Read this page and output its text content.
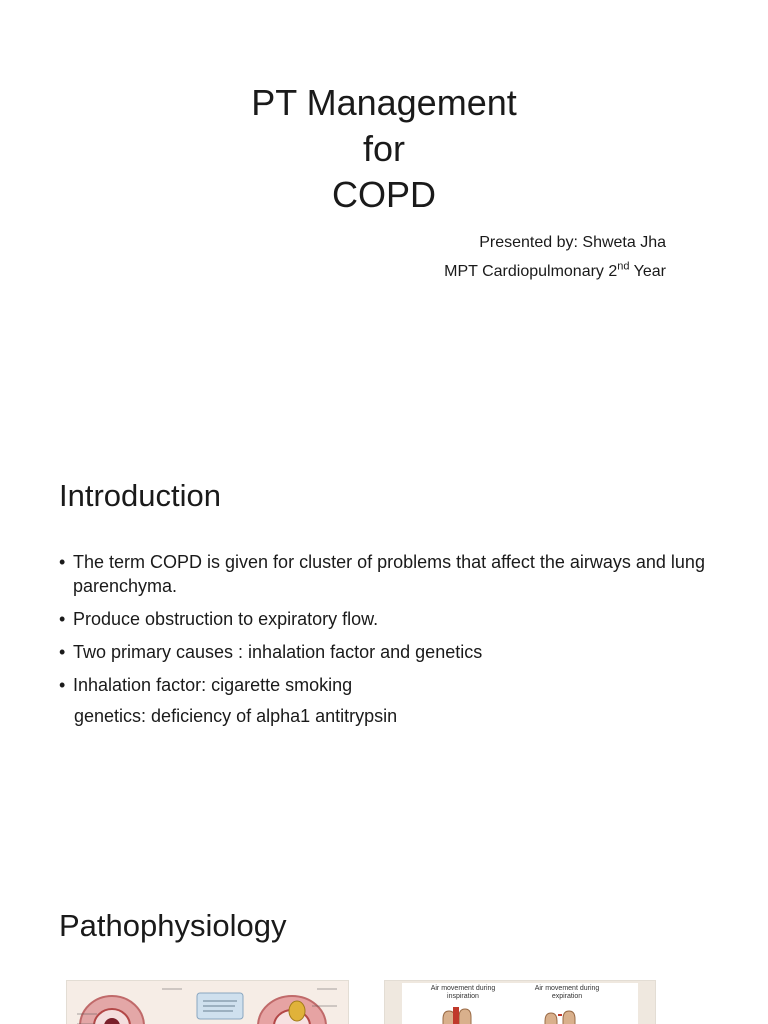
PT Management
for
COPD
Presented by: Shweta Jha
MPT Cardiopulmonary 2nd Year
Introduction
• The term COPD is given for cluster of problems that affect the airways and lung parenchyma.
• Produce obstruction to expiratory flow.
• Two primary causes : inhalation factor and genetics
• Inhalation factor: cigarette smoking
genetics: deficiency of alpha1 antitrypsin
Pathophysiology
Air movement during inspiration
Air movement during expiration
